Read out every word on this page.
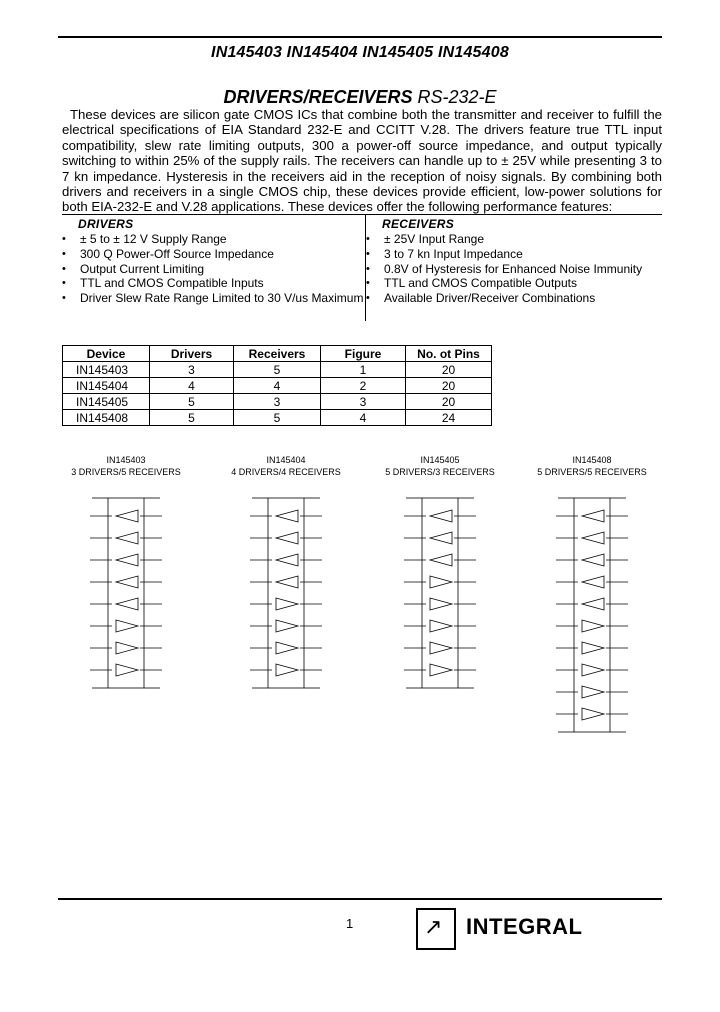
IN145403 IN145404 IN145405 IN145408
DRIVERS/RECEIVERS RS-232-E
These devices are silicon gate CMOS ICs that combine both the transmitter and receiver to fulfill the electrical specifications of EIA Standard 232-E and CCITT V.28. The drivers feature true TTL input compatibility, slew rate limiting outputs, 300 a power-off source impedance, and output typically switching to within 25% of the supply rails. The receivers can handle up to ± 25V while presenting 3 to 7 kn impedance. Hysteresis in the receivers aid in the reception of noisy signals. By combining both drivers and receivers in a single CMOS chip, these devices provide efficient, low-power solutions for both EIA-232-E and V.28 applications. These devices offer the following performance features:
DRIVERS
• ± 5 to ± 12 V Supply Range
• 300 Q Power-Off Source Impedance
• Output Current Limiting
• TTL and CMOS Compatible Inputs
• Driver Slew Rate Range Limited to 30 V/us Maximum
RECEIVERS
• ± 25V Input Range
• 3 to 7 kn Input Impedance
• 0.8V of Hysteresis for Enhanced Noise Immunity
• TTL and CMOS Compatible Outputs
• Available Driver/Receiver Combinations
Device	Drivers	Receivers	Figure	No. ot Pins
IN145403	3	5	1	20
IN145404	4	4	2	20
IN145405	5	3	3	20
IN145408	5	5	4	24
IN145403
3 DRIVERS/5 RECEIVERS
IN145404
4 DRIVERS/4 RECEIVERS
IN145405
5 DRIVERS/3 RECEIVERS
IN145408
5 DRIVERS/5 RECEIVERS
1	↗ INTEGRAL
